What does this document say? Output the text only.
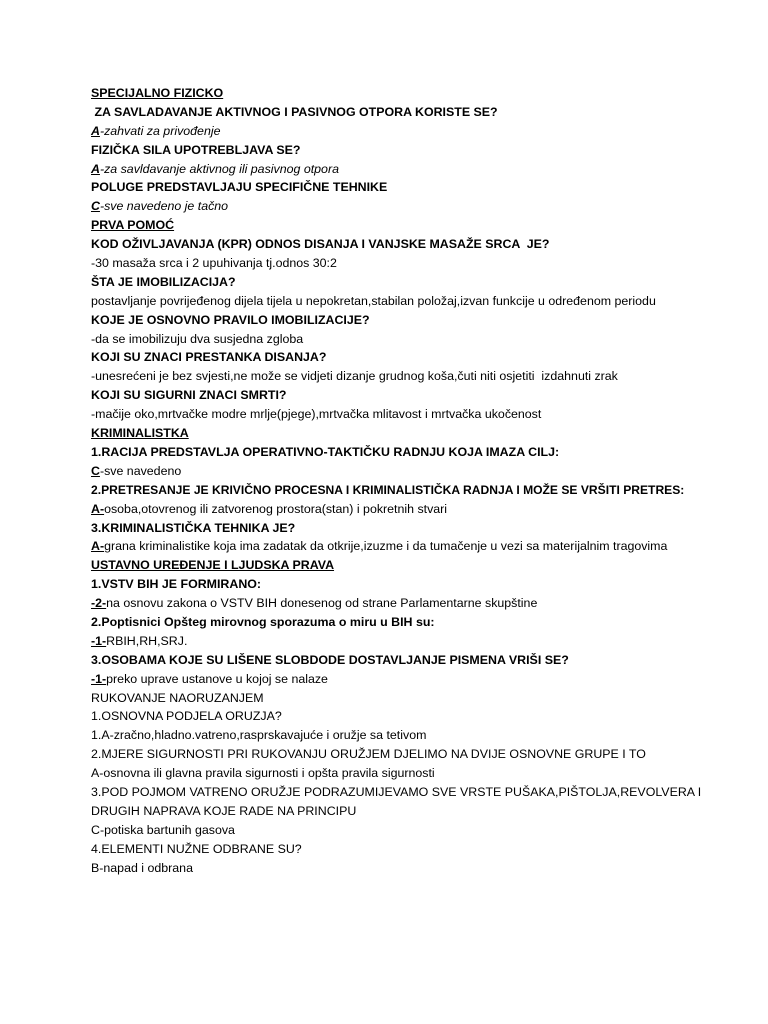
SPECIJALNO FIZICKO
ZA SAVLADAVANJE AKTIVNOG I PASIVNOG OTPORA KORISTE SE?
A-zahvati za privođenje
FIZIČKA SILA UPOTREBLJAVA SE?
A-za savldavanje aktivnog ili pasivnog otpora
POLUGE PREDSTAVLJAJU SPECIFIČNE TEHNIKE
C-sve navedeno je tačno
PRVA POMOĆ
KOD OŽIVLJAVANJA (KPR) ODNOS DISANJA I VANJSKE MASAŽE SRCA  JE?
-30 masaža srca i 2 upuhivanja tj.odnos 30:2
ŠTA JE IMOBILIZACIJA?
postavljanje povrijeđenog dijela tijela u nepokretan,stabilan položaj,izvan funkcije u određenom periodu
KOJE JE OSNOVNO PRAVILO IMOBILIZACIJE?
-da se imobilizuju dva susjedna zgloba
KOJI SU ZNACI PRESTANKA DISANJA?
-unesrećeni je bez svjesti,ne može se vidjeti dizanje grudnog koša,čuti niti osjetiti  izdahnuti zrak
KOJI SU SIGURNI ZNACI SMRTI?
-mačije oko,mrtvačke modre mrlje(pjege),mrtvačka mlitavost i mrtvačka ukočenost
KRIMINALISTKA
1.RACIJA PREDSTAVLJA OPERATIVNO-TAKTIČKU RADNJU KOJA IMAZA CILJ:
C-sve navedeno
2.PRETRESANJE JE KRIVIČNO PROCESNA I KRIMINALISTIČKA RADNJA I MOŽE SE VRŠITI PRETRES:
A-osoba,otovrenog ili zatvorenog prostora(stan) i pokretnih stvari
3.KRIMINALISTIČKA TEHNIKA JE?
A-grana kriminalistike koja ima zadatak da otkrije,izuzme i da tumačenje u vezi sa materijalnim tragovima
USTAVNO UREĐENJE I LJUDSKA PRAVA
1.VSTV BIH JE FORMIRANO:
-2-na osnovu zakona o VSTV BIH donesenog od strane Parlamentarne skupštine
2.Poptisnici Opšteg mirovnog sporazuma o miru u BIH su:
-1-RBIH,RH,SRJ.
3.OSOBAMA KOJE SU LIŠENE SLOBDODE DOSTAVLJANJE PISMENA VRIŠI SE?
-1-preko uprave ustanove u kojoj se nalaze
RUKOVANJE NAORUZANJEM
1.OSNOVNA PODJELA ORUZJA?
1.A-zračno,hladno.vatreno,rasprskavajuće i oružje sa tetivom
2.MJERE SIGURNOSTI PRI RUKOVANJU ORUŽJEM DJELIMO NA DVIJE OSNOVNE GRUPE I TO
A-osnovna ili glavna pravila sigurnosti i opšta pravila sigurnosti
3.POD POJMOM VATRENO ORUŽJE PODRAZUMIJEVAMO SVE VRSTE PUŠAKA,PIŠTOLJA,REVOLVERA I DRUGIH NAPRAVA KOJE RADE NA PRINCIPU
C-potiska bartunih gasova
4.ELEMENTI NUŽNE ODBRANE SU?
B-napad i odbrana
